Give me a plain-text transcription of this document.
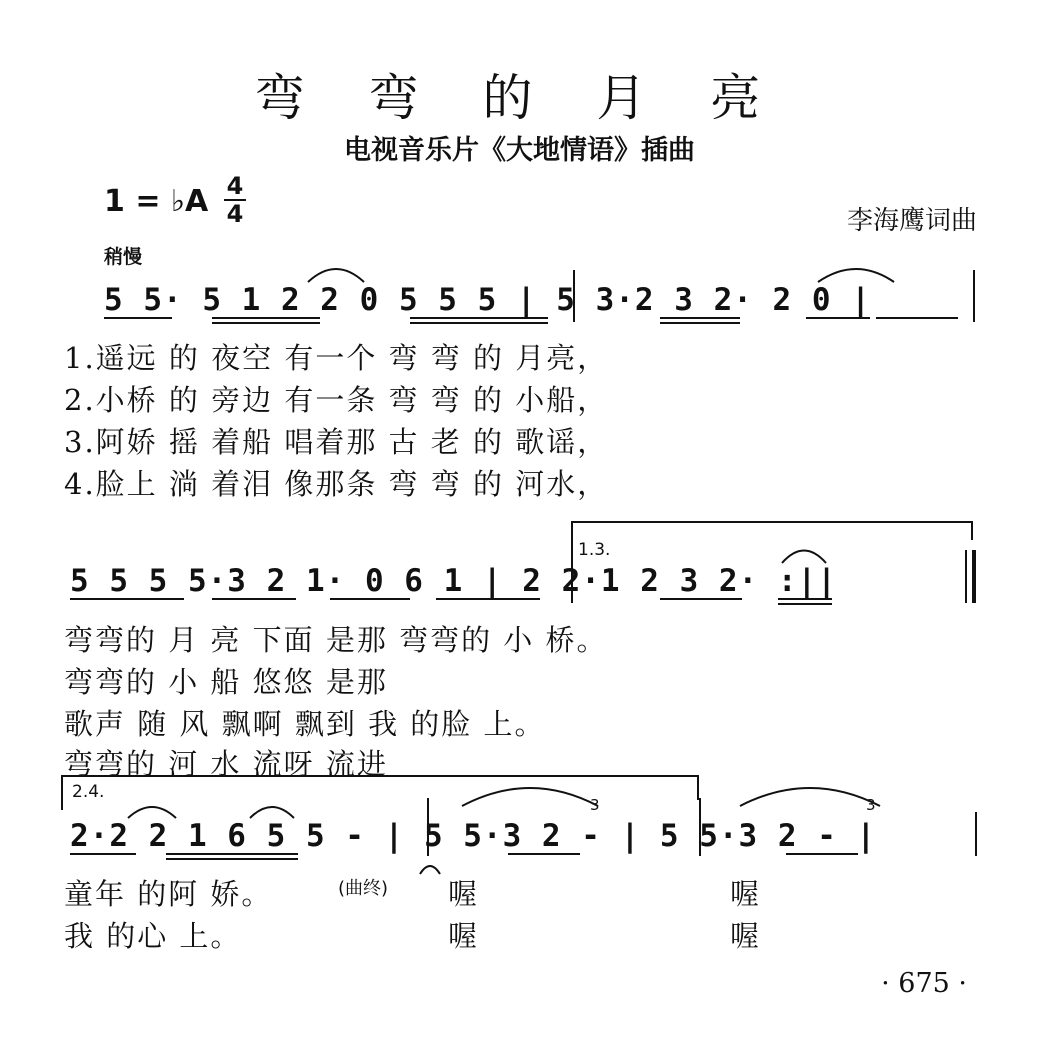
弯 弯 的 月 亮
电视音乐片《大地情语》插曲
1 = ♭A 4
4	李海鹰词曲
稍慢
5 5· 5 1 2 2 0 5 5 5 | 5 3·2 3 2· 2 0 |
1.遥远 的 夜空 有一个 弯 弯 的 月亮，
2.小桥 的 旁边 有一条 弯 弯 的 小船，
3.阿娇 摇 着船 唱着那 古 老 的 歌谣，
4.脸上 淌 着泪 像那条 弯 弯 的 河水，
1.3.
5 5 5 5·3 2 1· 0 6 1 | 2 2·1 2 3 2· :||
弯弯的 月 亮 下面 是那 弯弯的 小 桥。
弯弯的 小 船 悠悠 是那
歌声 随 风 飘啊 飘到 我 的脸 上。
弯弯的 河 水 流呀 流进
2.4.
2·2 2 1 6 5 5 - | 5 5·3 2 - | 5 5·3 2 - |
3	3
童年 的阿 娇。
我 的心 上。
(曲终) 喔
喔
喔
喔
· 675 ·
